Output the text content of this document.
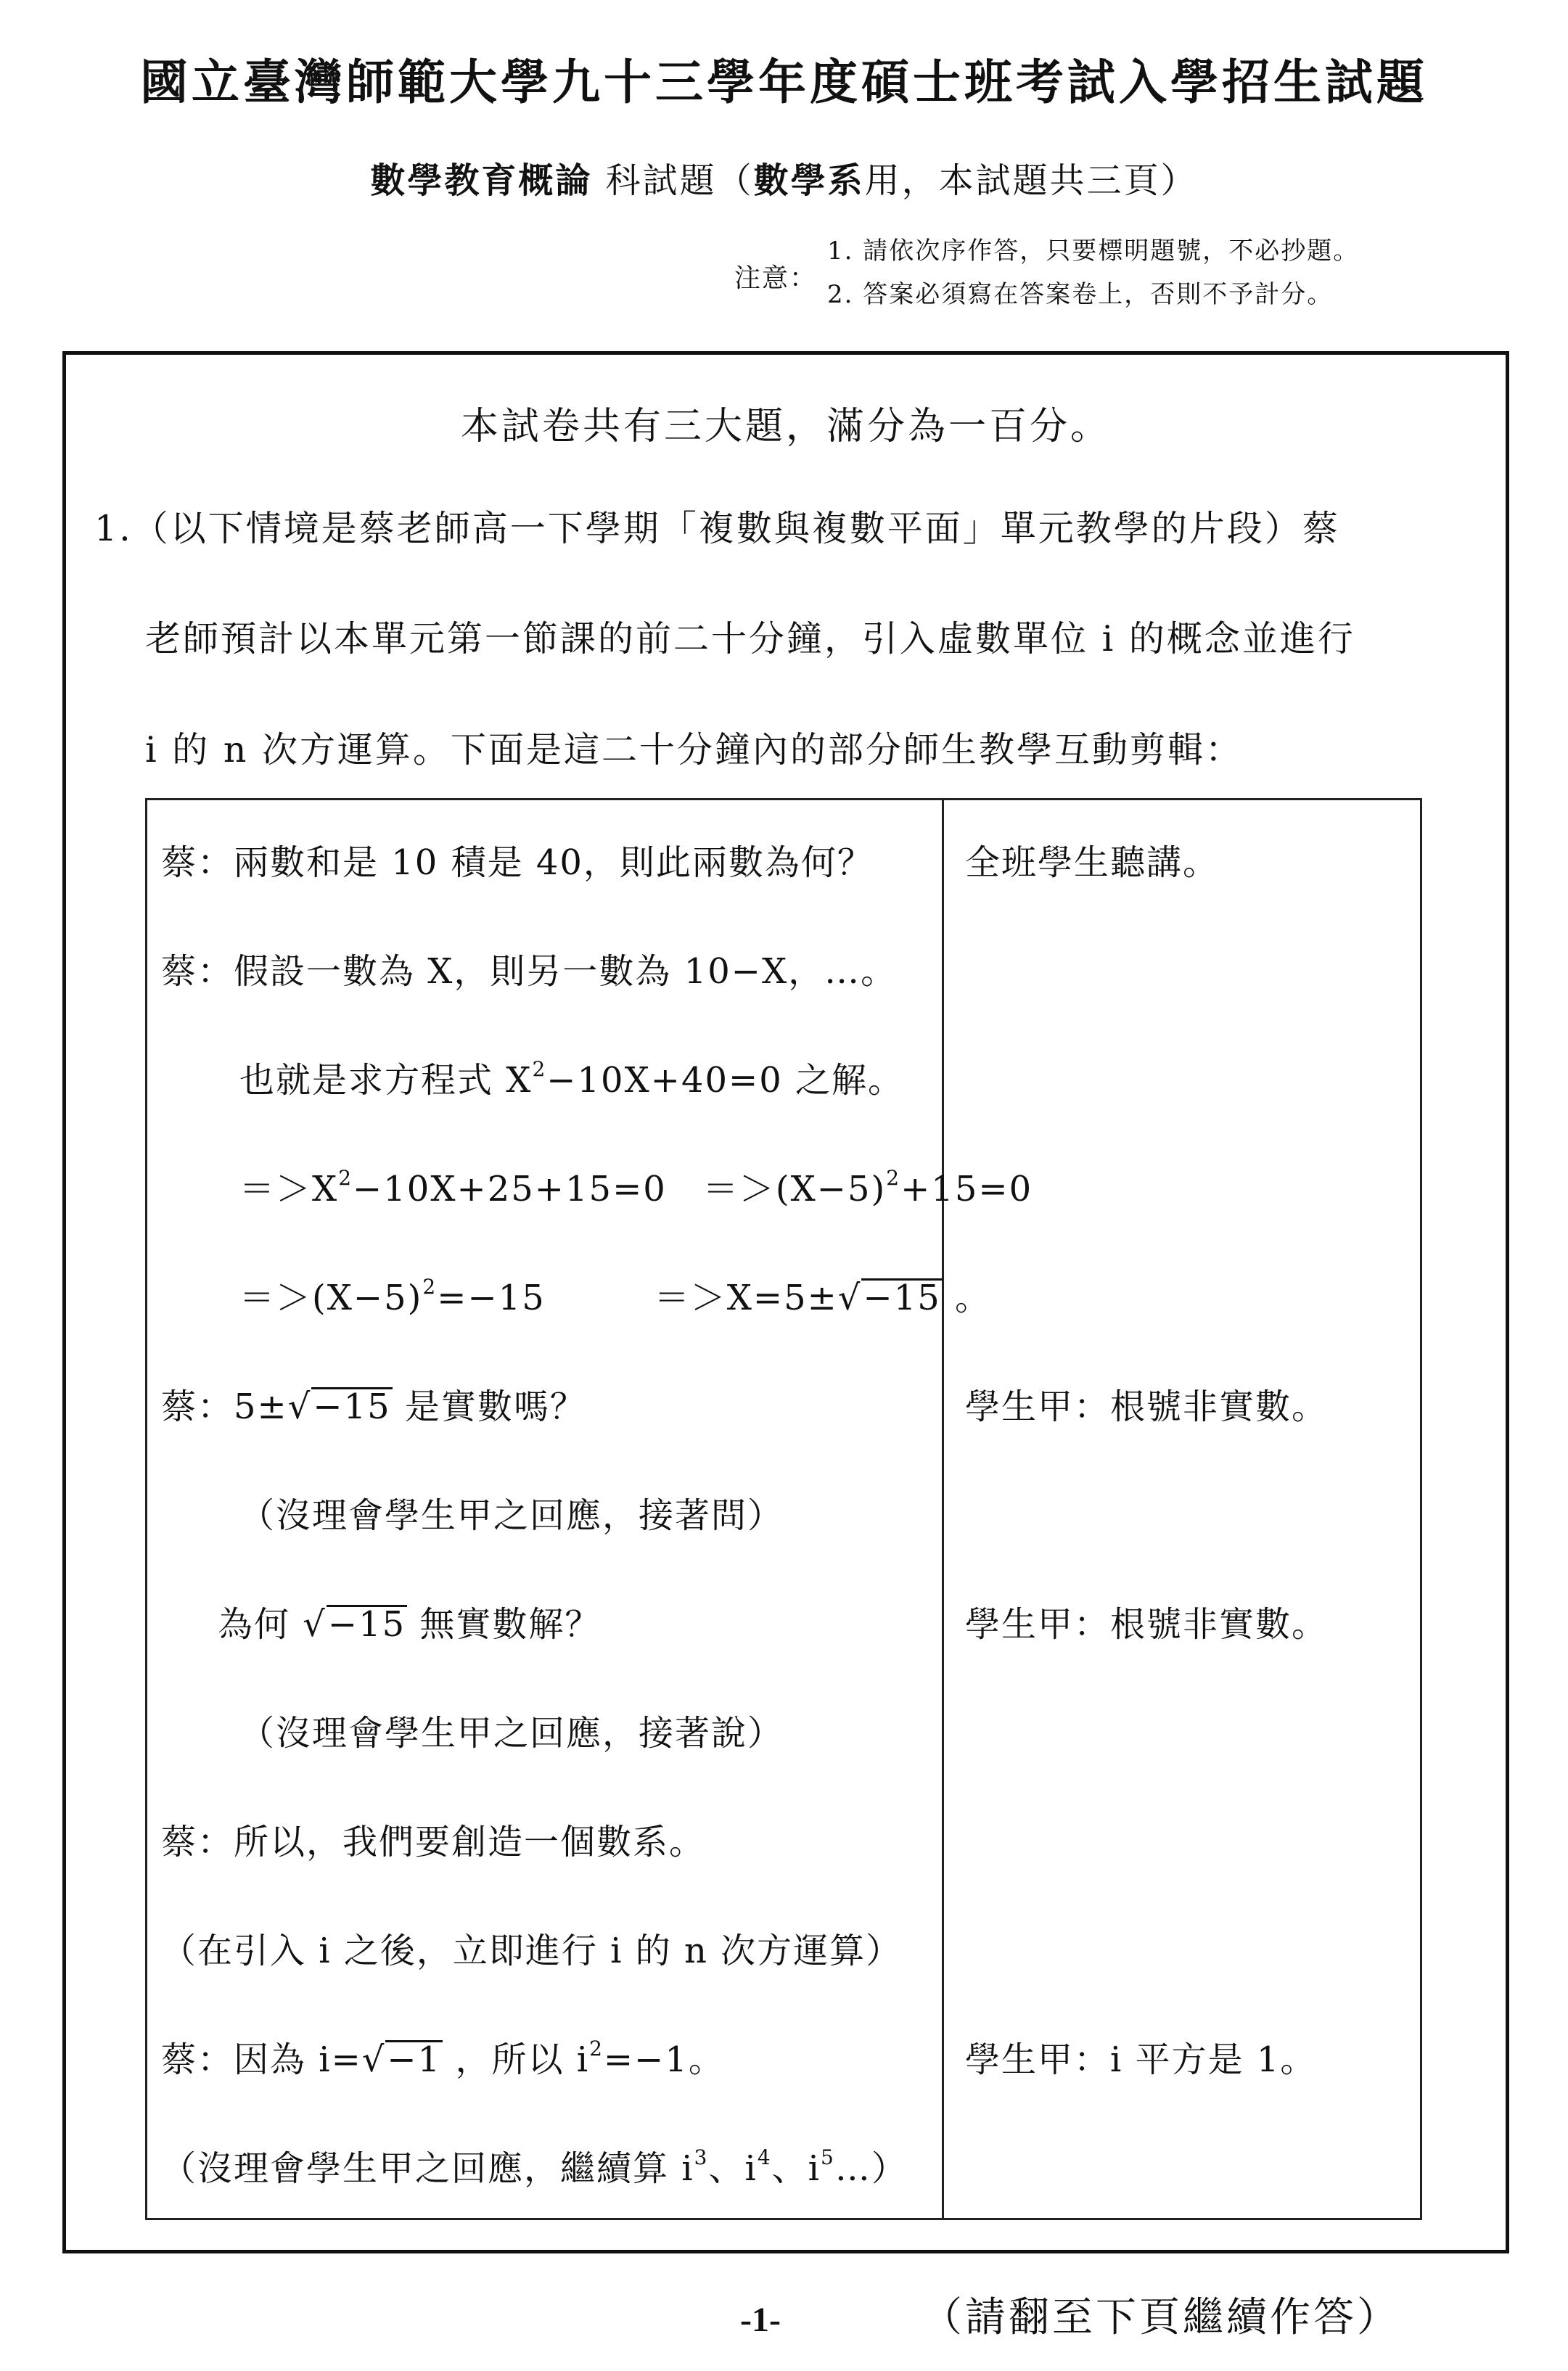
國立臺灣師範大學九十三學年度碩士班考試入學招生試題
數學教育概論 科試題（數學系用，本試題共三頁）
注意：
1. 請依次序作答，只要標明題號，不必抄題。
2. 答案必須寫在答案卷上，否則不予計分。
本試卷共有三大題，滿分為一百分。
1.（以下情境是蔡老師高一下學期「複數與複數平面」單元教學的片段）蔡
老師預計以本單元第一節課的前二十分鐘，引入虛數單位 i 的概念並進行
i 的 n 次方運算。下面是這二十分鐘內的部分師生教學互動剪輯：
蔡：兩數和是 10 積是 40，則此兩數為何？
蔡：假設一數為 X，則另一數為 10−X，…。
也就是求方程式 $X^2-10X+40=0$ 之解。
$=>X^2-10X+25+15=0$　$=>(X-5)^2+15=0$
$=>(X-5)^2=-15$　　　＝＞X=5±√−15 。
蔡：5±√−15 是實數嗎？
（沒理會學生甲之回應，接著問）
為何 √−15 無實數解？
（沒理會學生甲之回應，接著說）
蔡：所以，我們要創造一個數系。
（在引入 i 之後，立即進行 i 的 n 次方運算）
蔡：因為 i=√−1 ，所以 $i^2=-1$。
（沒理會學生甲之回應，繼續算 $i^3$、$i^4$、$i^5\dots$）
全班學生聽講。
學生甲：根號非實數。
學生甲：根號非實數。
學生甲：i 平方是 1。
-1-	（請翻至下頁繼續作答）
